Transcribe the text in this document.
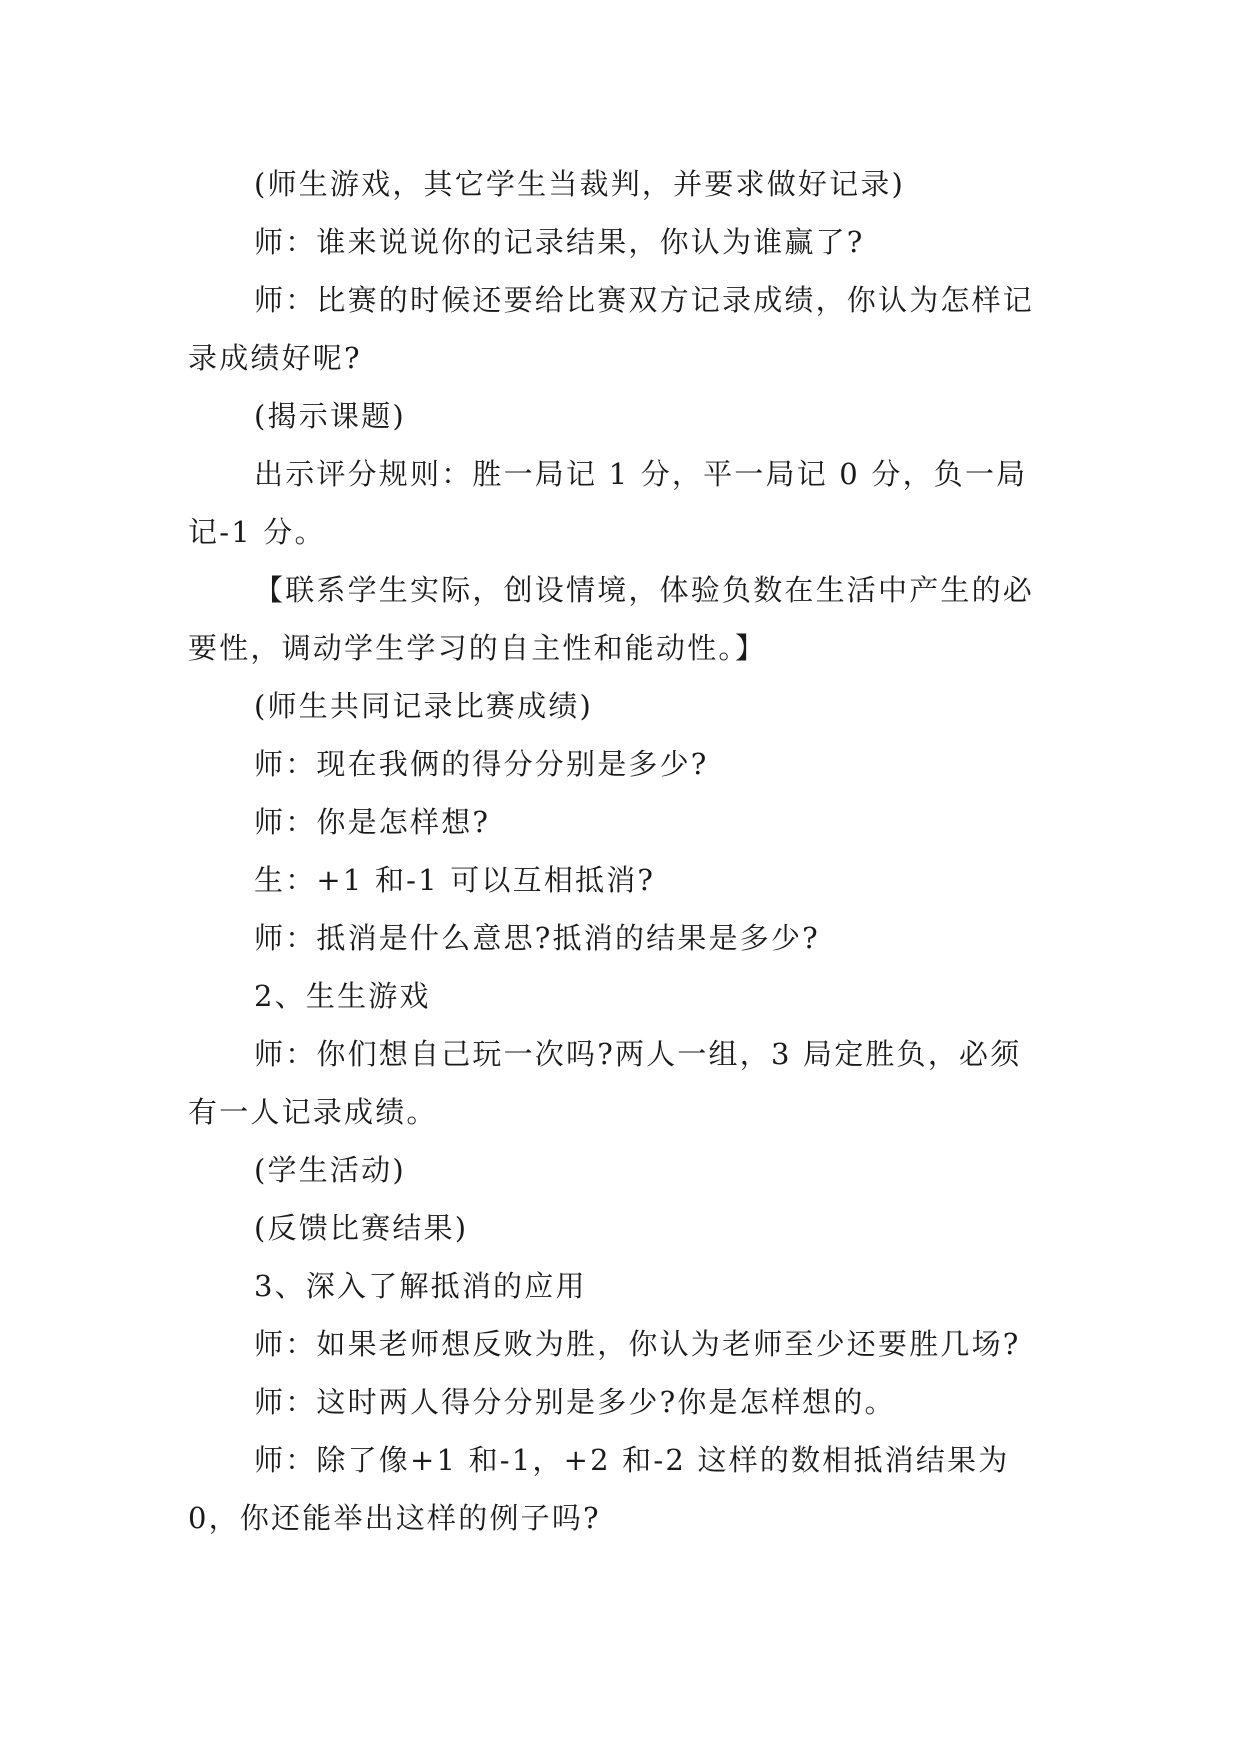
(师生游戏，其它学生当裁判，并要求做好记录)

师：谁来说说你的记录结果，你认为谁赢了?

师：比赛的时候还要给比赛双方记录成绩，你认为怎样记录成绩好呢?

(揭示课题)

出示评分规则：胜一局记 1 分，平一局记 0 分，负一局记-1 分。

【联系学生实际，创设情境，体验负数在生活中产生的必要性，调动学生学习的自主性和能动性。】

(师生共同记录比赛成绩)

师：现在我俩的得分分别是多少?

师：你是怎样想?

生：+1 和-1 可以互相抵消?

师：抵消是什么意思?抵消的结果是多少?

2、生生游戏

师：你们想自己玩一次吗?两人一组，3 局定胜负，必须有一人记录成绩。

(学生活动)

(反馈比赛结果)

3、深入了解抵消的应用

师：如果老师想反败为胜，你认为老师至少还要胜几场?

师：这时两人得分分别是多少?你是怎样想的。

师：除了像+1 和-1，+2 和-2 这样的数相抵消结果为 0，你还能举出这样的例子吗?
